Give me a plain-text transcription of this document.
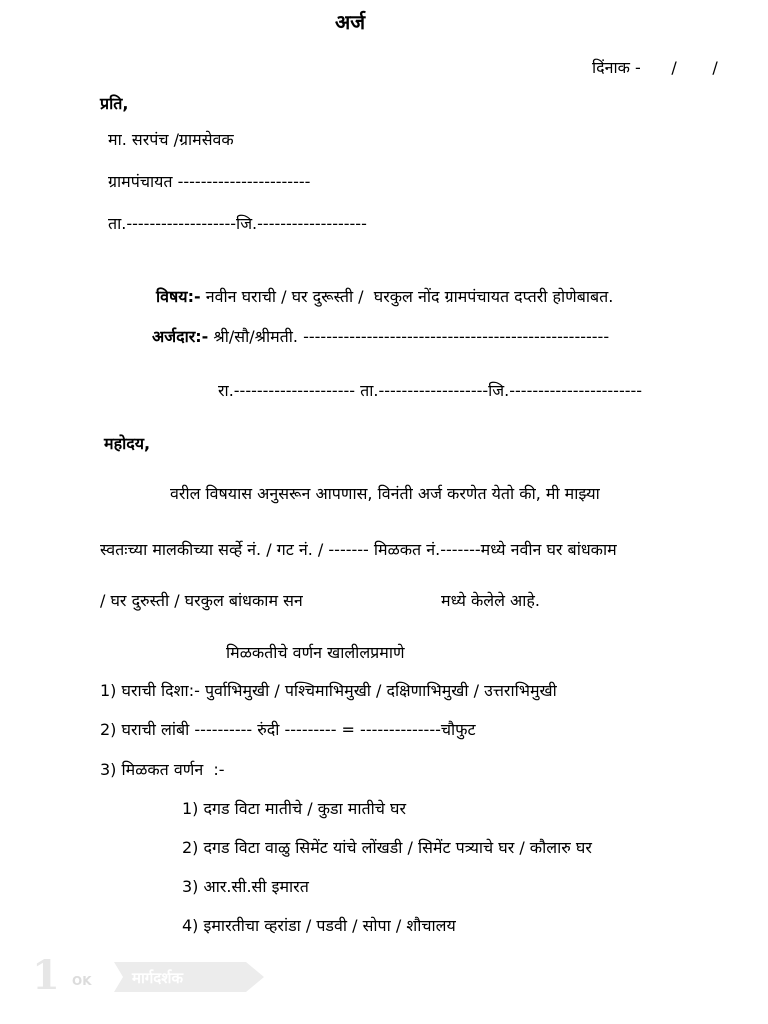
अर्ज
दिंनाक -      /       /
प्रति,
मा. सरपंच /ग्रामसेवक
ग्रामपंचायत -----------------------
ता.-------------------जि.-------------------
विषय:- नवीन घराची / घर दुरूस्ती /  घरकुल नोंद ग्रामपंचायत दप्तरी होणेबाबत.
अर्जदार:- श्री/सौ/श्रीमती. -----------------------------------------------------
रा.--------------------- ता.-------------------जि.-----------------------
महोदय,
वरील विषयास अनुसरून आपणास, विनंती अर्ज करणेत येतो की, मी माझ्या
स्वतःच्या मालकीच्या सर्व्हे नं. / गट नं. / ------- मिळकत नं.-------मध्ये नवीन घर बांधकाम
/ घर दुरुस्ती / घरकुल बांधकाम सन	मध्ये केलेले आहे.
मिळकतीचे वर्णन खालीलप्रमाणे
1) घराची दिशा:- पुर्वाभिमुखी / पश्चिमाभिमुखी / दक्षिणाभिमुखी / उत्तराभिमुखी
2) घराची लांबी ---------- रुंदी --------- = --------------चौफुट
3) मिळकत वर्णन  :-
1) दगड विटा मातीचे / कुडा मातीचे घर
2) दगड विटा वाळु सिमेंट यांचे लोंखडी / सिमेंट पत्र्याचे घर / कौलारु घर
3) आर.सी.सी इमारत
4) इमारतीचा व्हरांडा / पडवी / सोपा / शौचालय
1 OK	मार्गदर्शक
